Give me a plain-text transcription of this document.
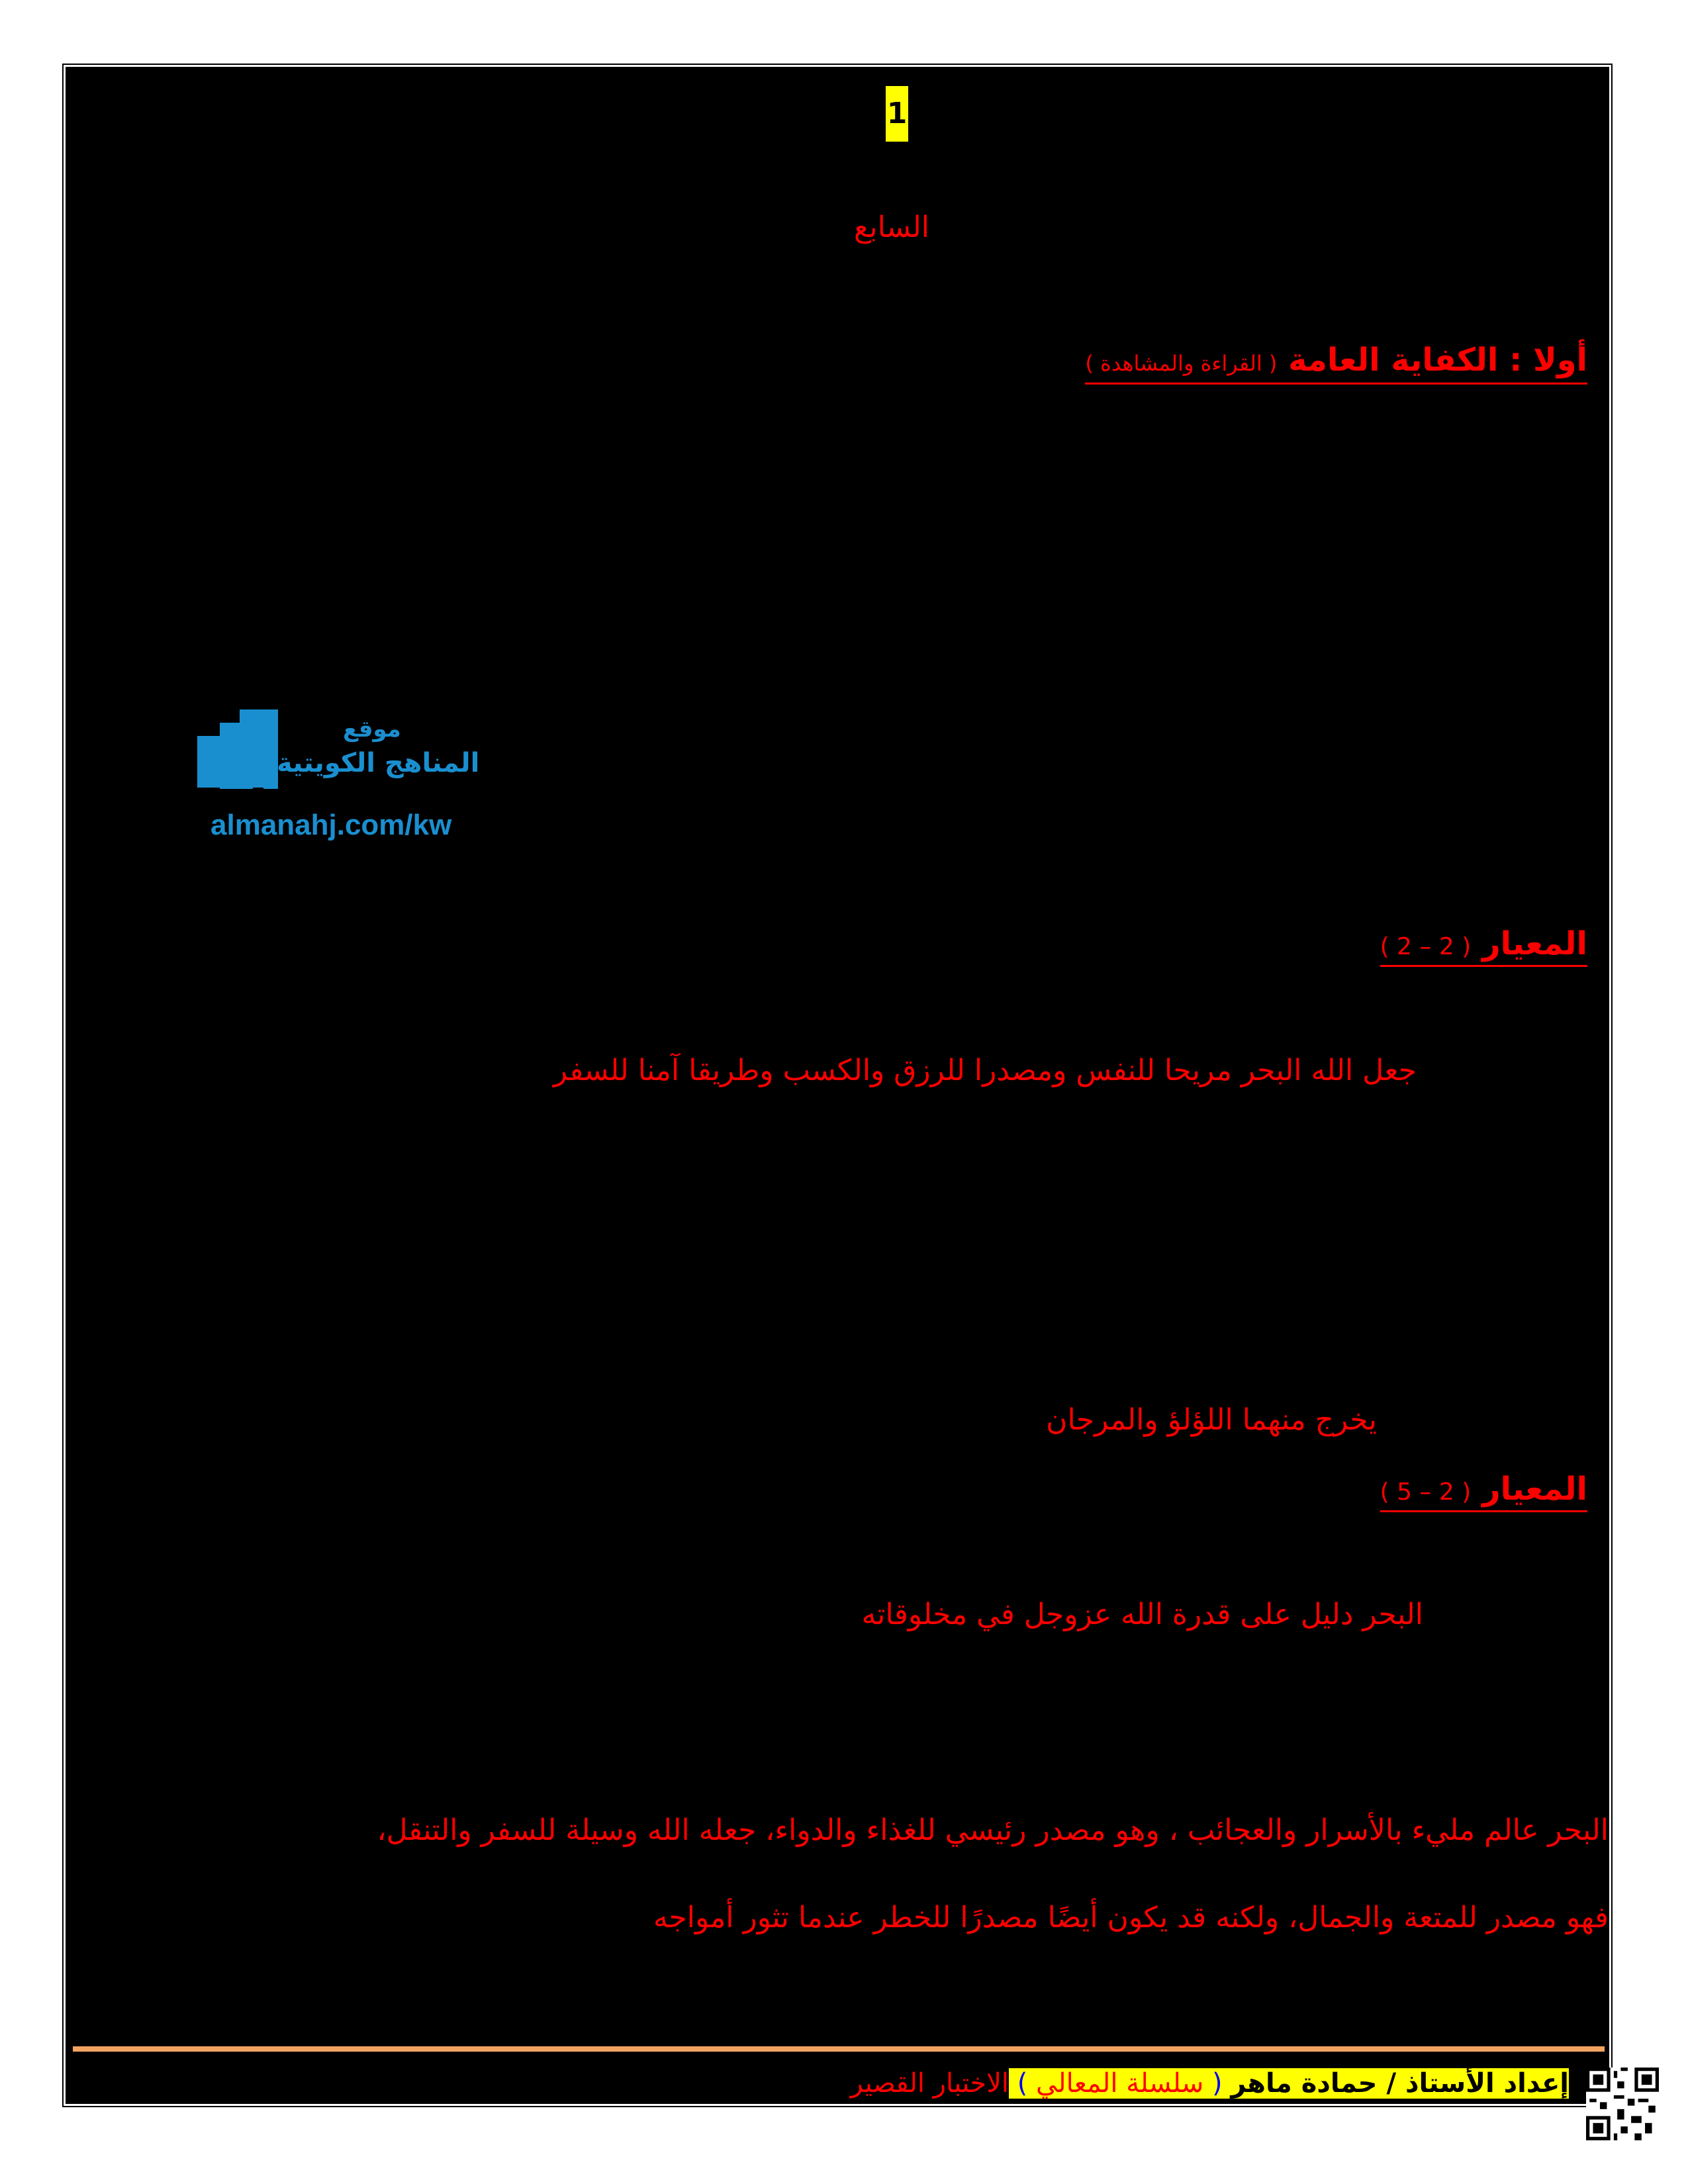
1
السابع
أولا : الكفاية العامة ( القراءة والمشاهدة )
موقع
المناهج الكويتية
almanahj.com/kw
المعيار ( 2 – 2 )
جعل الله البحر مريحا للنفس ومصدرا للرزق والكسب وطريقا آمنا للسفر
يخرج منهما اللؤلؤ والمرجان
المعيار ( 2 – 5 )
البحر دليل على قدرة الله عزوجل في مخلوقاته
البحر عالم مليء بالأسرار والعجائب ، وهو مصدر رئيسي للغذاء والدواء، جعله الله وسيلة للسفر والتنقل،
فهو مصدر للمتعة والجمال، ولكنه قد يكون أيضًا مصدرًا للخطر عندما تثور أمواجه
إعداد الأستاذ / حمادة ماهر ( سلسلة المعالي ) الاختبار القصير
